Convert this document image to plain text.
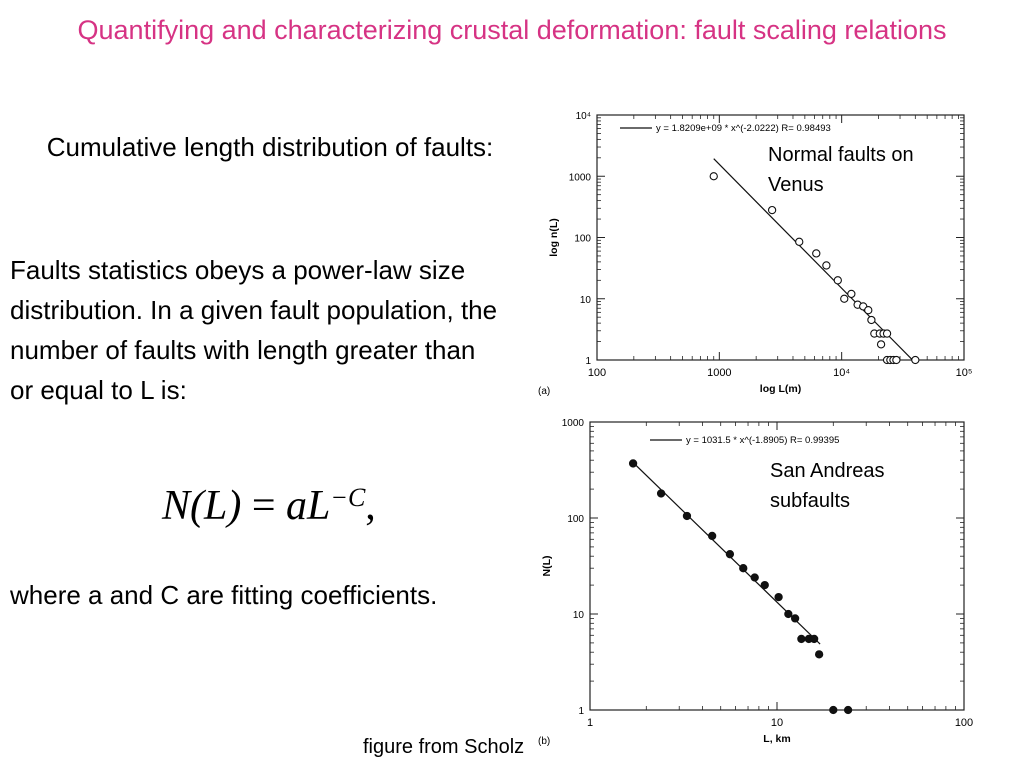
Quantifying and characterizing crustal deformation: fault scaling relations
Cumulative length distribution of faults:
Faults statistics obeys a power-law size distribution. In a given fault population, the number of faults with length greater than or equal to L is:
$N(L) = aL^{-C}$,
where a and C are fitting coefficients.
figure from Scholz
100	1000	10⁴	10⁵
1
10
100
1000
10⁴
y = 1.8209e+09 * x^(-2.0222) R= 0.98493
log L(m)
log n(L)
(a)
Normal faults on Venus
1	10	100
1
10
100
1000
y = 1031.5 * x^(-1.8905) R= 0.99395
L, km
N(L)
(b)
San Andreas subfaults
